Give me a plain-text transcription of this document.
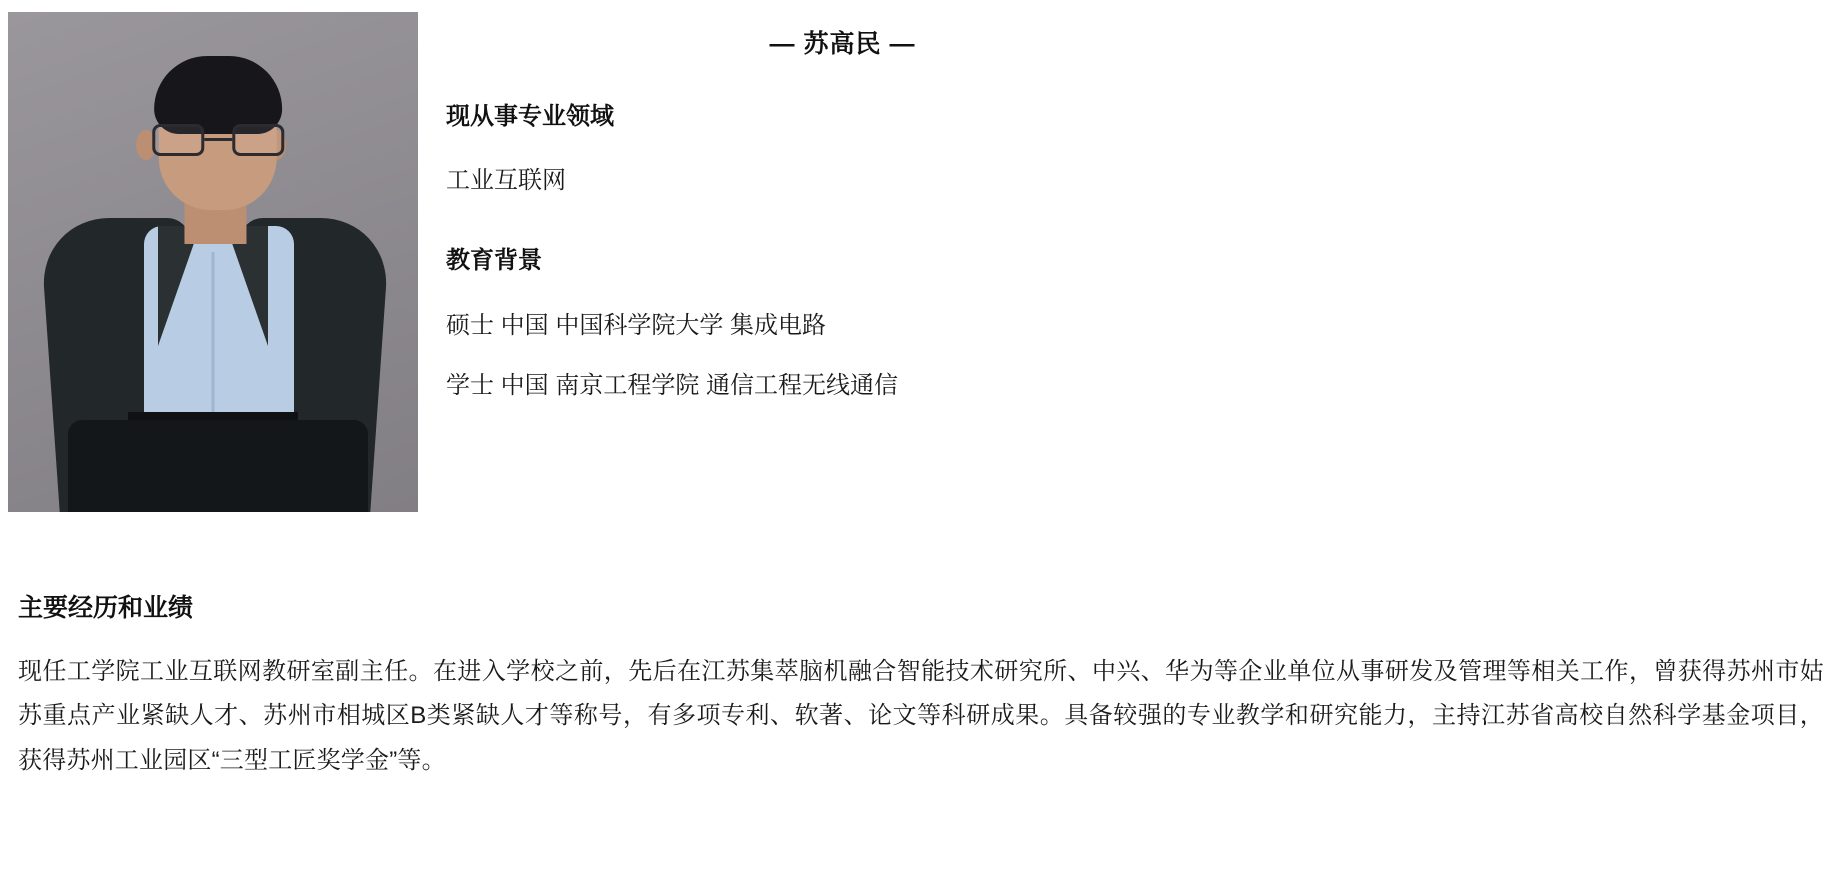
— 苏高民 —
现从事专业领域
工业互联网
教育背景
硕士 中国 中国科学院大学 集成电路
学士 中国 南京工程学院 通信工程无线通信
主要经历和业绩
现任工学院工业互联网教研室副主任。在进入学校之前，先后在江苏集萃脑机融合智能技术研究所、中兴、华为等企业单位从事研发及管理等相关工作，曾获得苏州市姑苏重点产业紧缺人才、苏州市相城区B类紧缺人才等称号，有多项专利、软著、论文等科研成果。具备较强的专业教学和研究能力，主持江苏省高校自然科学基金项目，获得苏州工业园区“三型工匠奖学金”等。
